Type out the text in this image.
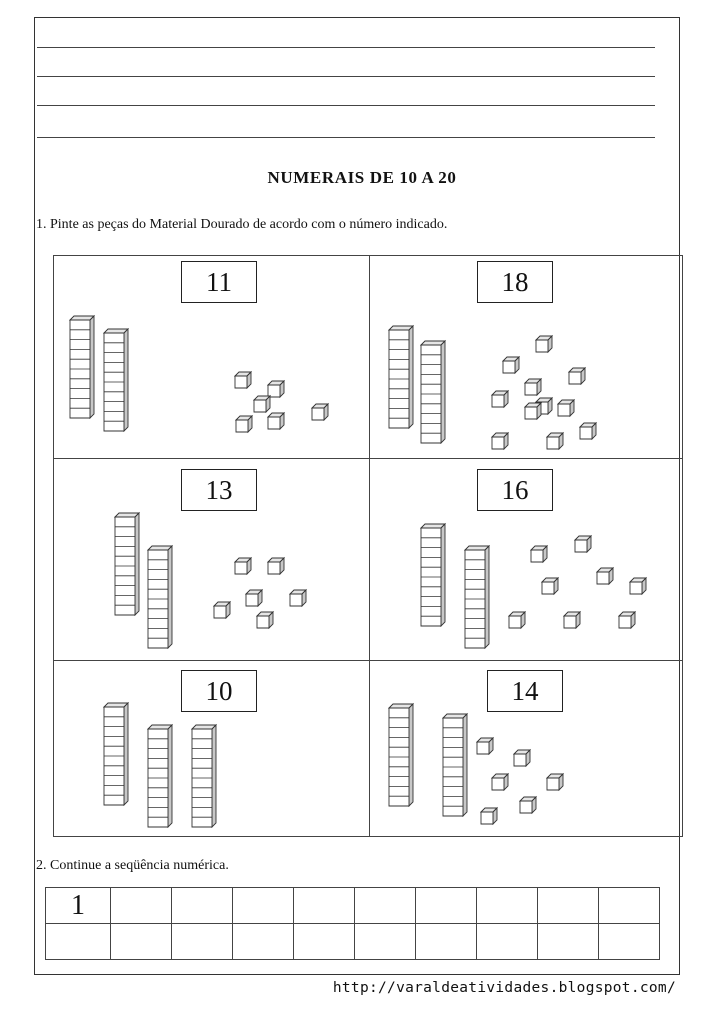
NUMERAIS DE 10 A 20
1. Pinte as peças do Material Dourado de acordo com o número indicado.
11	18
13	16
10	14
2. Continue a seqüência numérica.
1									

http://varaldeatividades.blogspot.com/
